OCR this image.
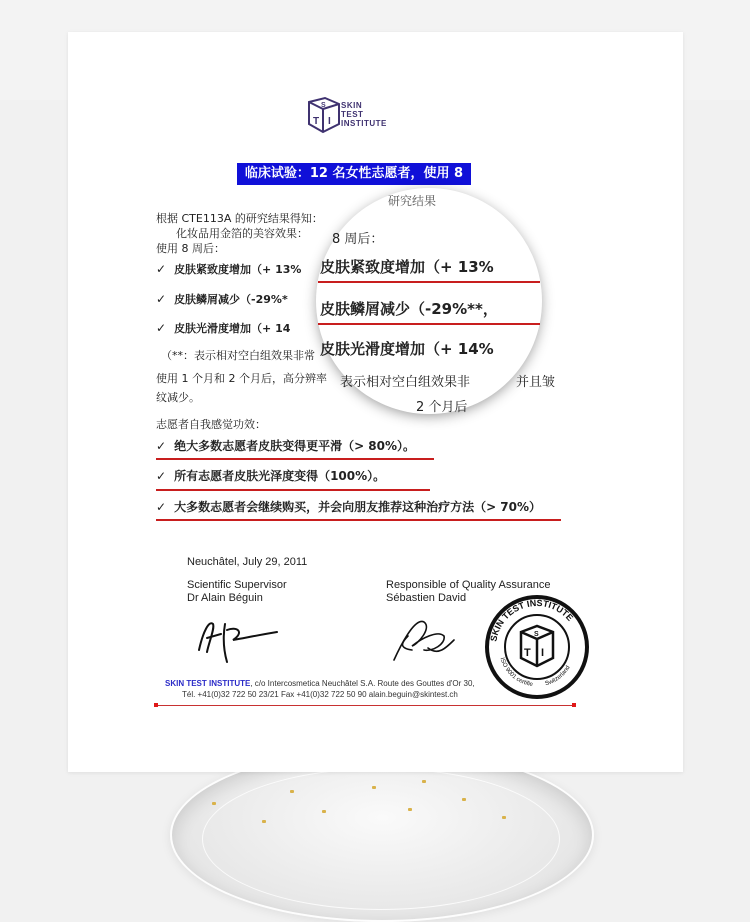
S
T I
SKIN
TEST
INSTITUTE
临床试验：12 名女性志愿者，使用 8 周
根据 CTE113A 的研究结果得知：
化妆品用金箔的美容效果：
使用 8 周后：
✓ 皮肤紧致度增加（+ 13%
✓ 皮肤鳞屑减少（-29%*
✓ 皮肤光滑度增加（+ 14
（**：表示相对空白组效果非常
使用 1 个月和 2 个月后，高分辨率
纹减少。
志愿者自我感觉功效：
✓ 绝大多数志愿者皮肤变得更平滑（> 80%）。
✓ 所有志愿者皮肤光泽度变得（100%）。
✓ 大多数志愿者会继续购买，并会向朋友推荐这种治疗方法（> 70%）
研究结果
8 周后：
皮肤紧致度增加（+ 13%
皮肤鳞屑减少（-29%**，
皮肤光滑度增加（+ 14%
表示相对空白组效果非	并且皱
2 个月后
Neuchâtel, July 29, 2011
Scientific Supervisor
Dr Alain Béguin
Responsible of Quality Assurance
Sébastien David
SKIN TEST INSTITUTE
ISO 9001 certifie Switzerland
S
T I
SKIN TEST INSTITUTE, c/o Intercosmetica Neuchâtel S.A. Route des Gouttes d'Or 30,
Tél. +41(0)32 722 50 23/21 Fax +41(0)32 722 50 90 alain.beguin@skintest.ch
